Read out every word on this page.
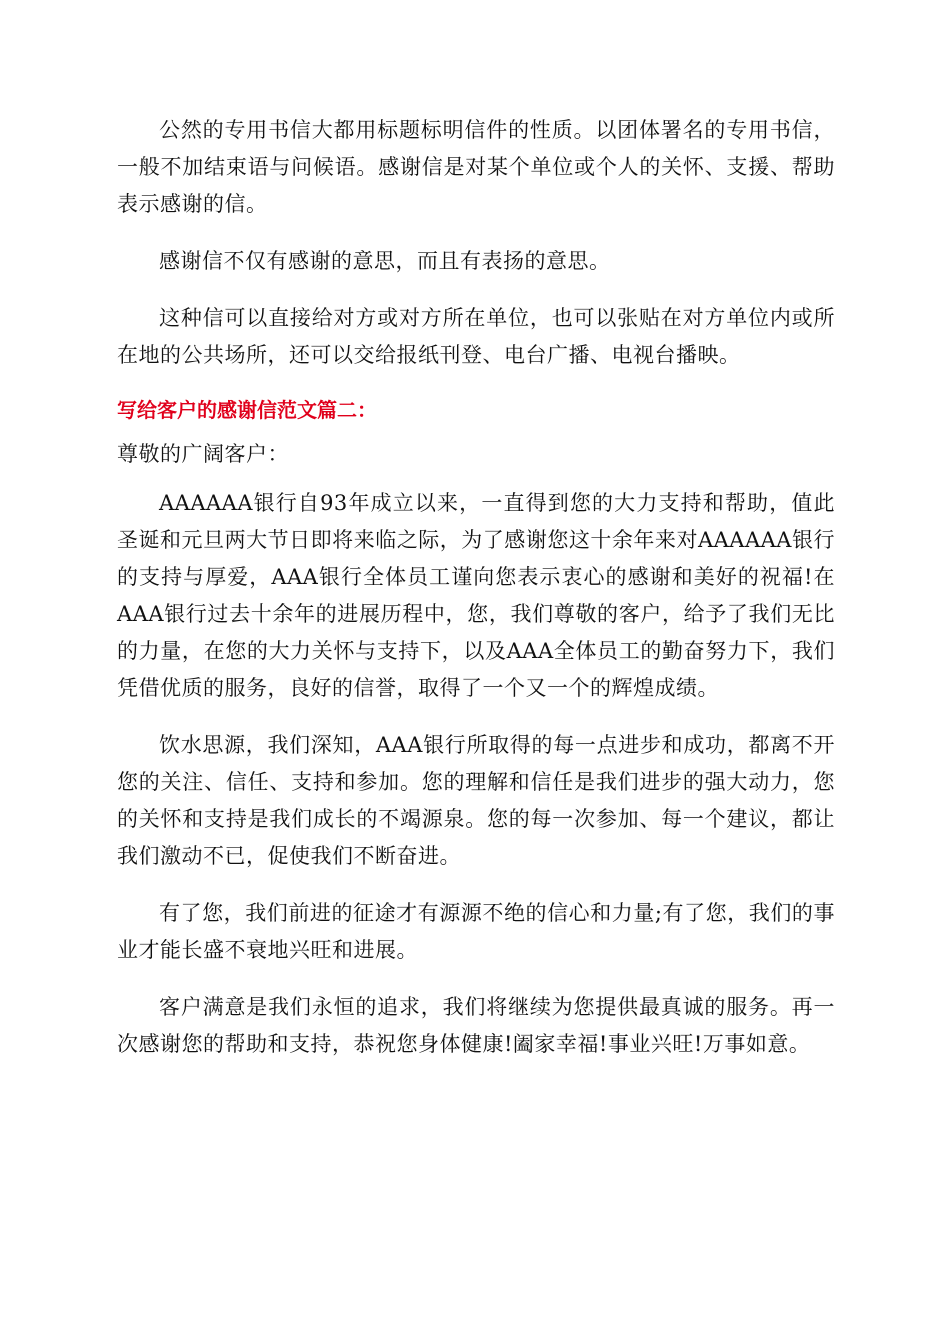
公然的专用书信大都用标题标明信件的性质。以团体署名的专用书信，一般不加结束语与问候语。感谢信是对某个单位或个人的关怀、支援、帮助表示感谢的信。

感谢信不仅有感谢的意思，而且有表扬的意思。

这种信可以直接给对方或对方所在单位，也可以张贴在对方单位内或所在地的公共场所，还可以交给报纸刊登、电台广播、电视台播映。

写给客户的感谢信范文篇二：

尊敬的广阔客户：

AAAAAA银行自93年成立以来，一直得到您的大力支持和帮助，值此圣诞和元旦两大节日即将来临之际，为了感谢您这十余年来对AAAAAA银行的支持与厚爱，AAA银行全体员工谨向您表示衷心的感谢和美好的祝福!在AAA银行过去十余年的进展历程中，您，我们尊敬的客户，给予了我们无比的力量，在您的大力关怀与支持下，以及AAA全体员工的勤奋努力下，我们凭借优质的服务，良好的信誉，取得了一个又一个的辉煌成绩。

饮水思源，我们深知，AAA银行所取得的每一点进步和成功，都离不开您的关注、信任、支持和参加。您的理解和信任是我们进步的强大动力，您的关怀和支持是我们成长的不竭源泉。您的每一次参加、每一个建议，都让我们激动不已，促使我们不断奋进。

有了您，我们前进的征途才有源源不绝的信心和力量;有了您，我们的事业才能长盛不衰地兴旺和进展。

客户满意是我们永恒的追求，我们将继续为您提供最真诚的服务。再一次感谢您的帮助和支持，恭祝您身体健康!阖家幸福!事业兴旺!万事如意。
